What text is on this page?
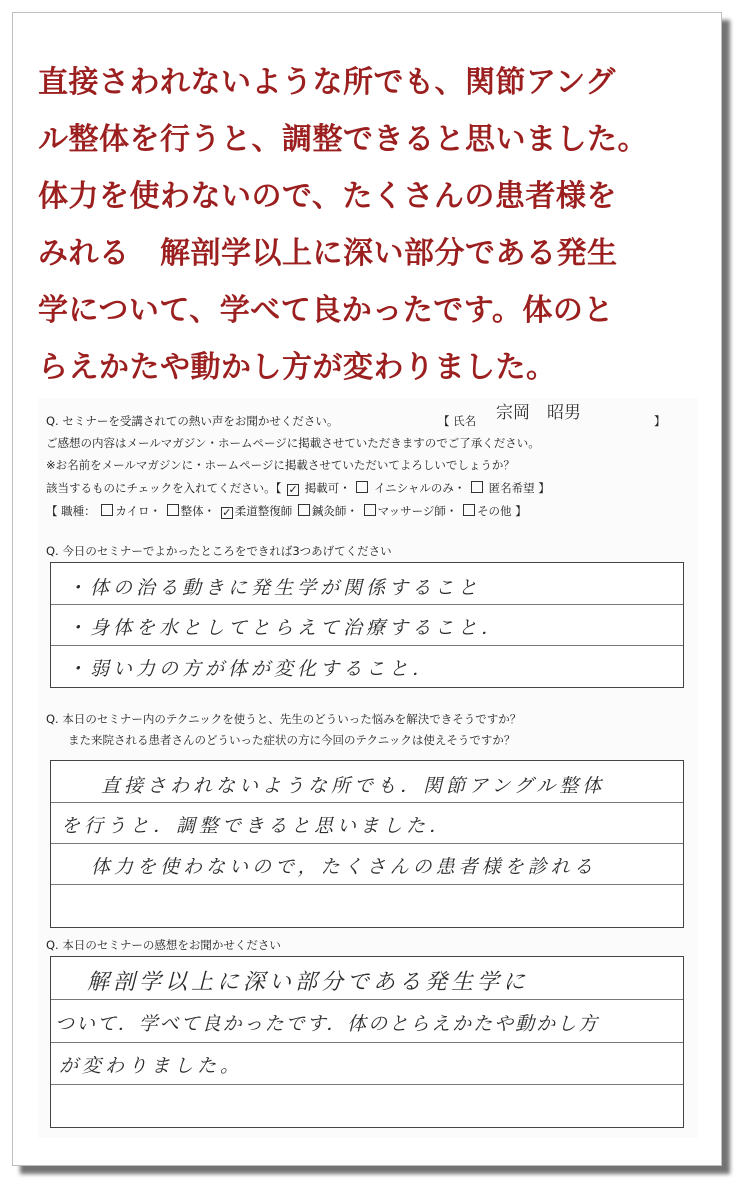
直接さわれないような所でも、関節アング
ル整体を行うと、調整できると思いました。
体力を使わないので、たくさんの患者様を
みれる　解剖学以上に深い部分である発生
学について、学べて良かったです。体のと
らえかたや動かし方が変わりました。
Q. セミナーを受講されての熱い声をお聞かせください。	【 氏名 宗岡　昭男	】
ご感想の内容はメールマガジン・ホームページに掲載させていただきますのでご了承ください。
※お名前をメールマガジンに・ホームページに掲載させていただいてよろしいでしょうか？
該当するものにチェックを入れてください。【 ✓ 掲載可・ イニシャルのみ・ 匿名希望 】
【 職種： カイロ・ 整体・ ✓ 柔道整復師 鍼灸師・ マッサージ師・ その他 】
Q. 今日のセミナーでよかったところをできれば3つあげてください
・体の治る動きに発生学が関係すること
・身体を水としてとらえて治療すること．
・弱い力の方が体が変化すること．
Q. 本日のセミナー内のテクニックを使うと、先生のどういった悩みを解決できそうですか？
また来院される患者さんのどういった症状の方に今回のテクニックは使えそうですか？
直接さわれないような所でも．関節アングル整体
を行うと．調整できると思いました．
体力を使わないので，たくさんの患者様を診れる
Q. 本日のセミナーの感想をお聞かせください
解剖学以上に深い部分である発生学に
ついて．学べて良かったです．体のとらえかたや動かし方
が変わりました。
